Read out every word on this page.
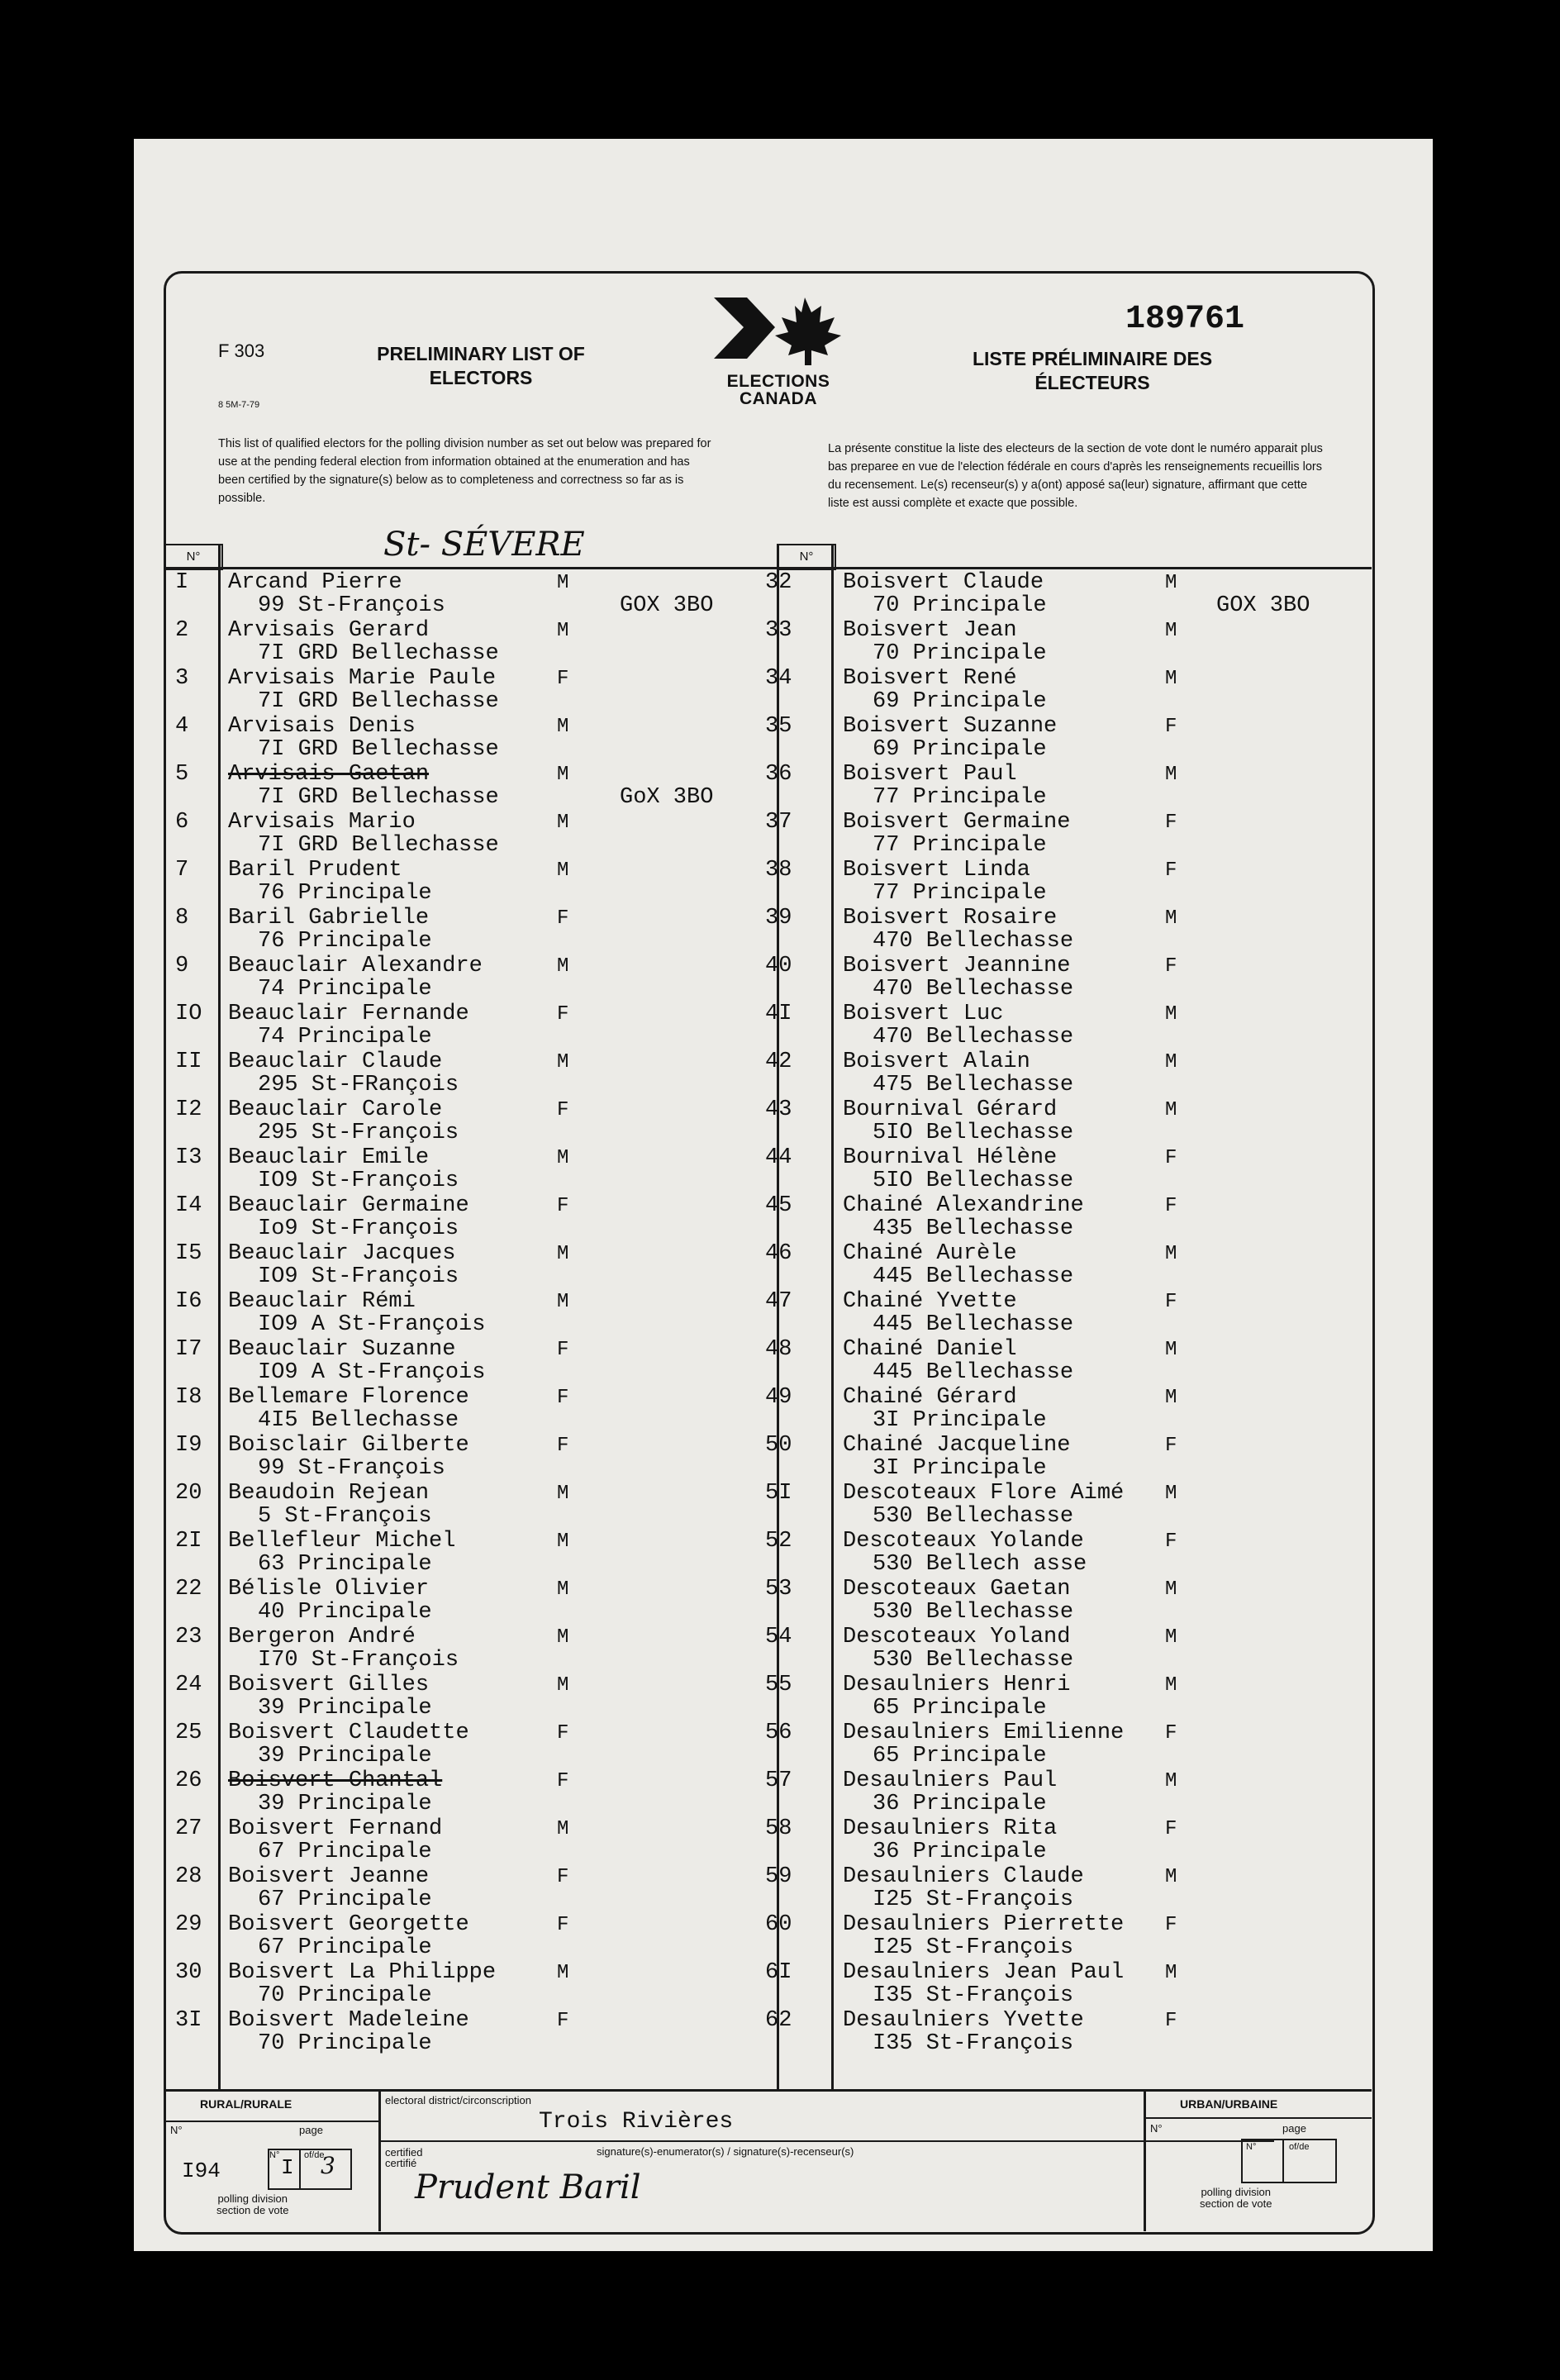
F 303
8 5M-7-79
PRELIMINARY LIST OF
ELECTORS	ELECTIONS
CANADA
189761
LISTE PRÉLIMINAIRE DES
ÉLECTEURS
This list of qualified electors for the polling division number as set out below was prepared for use at the pending federal election from information obtained at the enumeration and has been certified by the signature(s) below as to completeness and correctness so far as is possible.
La présente constitue la liste des electeurs de la section de vote dont le numéro apparait plus bas preparee en vue de l'election fédérale en cours d'après les renseignements recueillis lors du recensement. Le(s) recenseur(s) y a(ont) apposé sa(leur) signature, affirmant que cette liste est aussi complète et exacte que possible.
N°	N°
St- SÉVERE
I Arcand Pierre	M
99 St-François	GOX 3BO
2 Arvisais Gerard	M
7I GRD Bellechasse
3 Arvisais Marie Paule	F
7I GRD Bellechasse
4 Arvisais Denis	M
7I GRD Bellechasse
5 Arvisais Gaetan	M
7I GRD Bellechasse	GoX 3BO
6 Arvisais Mario	M
7I GRD Bellechasse
7 Baril Prudent	M
76 Principale
8 Baril Gabrielle	F
76 Principale
9 Beauclair Alexandre	M
74 Principale
IO Beauclair Fernande	F
74 Principale
II Beauclair Claude	M
295 St-FRançois
I2 Beauclair Carole	F
295 St-François
I3 Beauclair Emile	M
IO9 St-François
I4 Beauclair Germaine	F
Io9 St-François
I5 Beauclair Jacques	M
IO9 St-François
I6 Beauclair Rémi	M
IO9 A St-François
I7 Beauclair Suzanne	F
IO9 A St-François
I8 Bellemare Florence	F
4I5 Bellechasse
I9 Boisclair Gilberte	F
99 St-François
20 Beaudoin Rejean	M
5 St-François
2I Bellefleur Michel	M
63 Principale
22 Bélisle Olivier	M
40 Principale
23 Bergeron André	M
I70 St-François
24 Boisvert Gilles	M
39 Principale
25 Boisvert Claudette	F
39 Principale
26 Boisvert Chantal	F
39 Principale
27 Boisvert Fernand	M
67 Principale
28 Boisvert Jeanne	F
67 Principale
29 Boisvert Georgette	F
67 Principale
30 Boisvert La Philippe	M
70 Principale
3I Boisvert Madeleine	F
70 Principale
32 Boisvert Claude	M
70 Principale	GOX 3BO
33 Boisvert Jean	M
70 Principale
34 Boisvert René	M
69 Principale
35 Boisvert Suzanne	F
69 Principale
36 Boisvert Paul	M
77 Principale
37 Boisvert Germaine	F
77 Principale
38 Boisvert Linda	F
77 Principale
39 Boisvert Rosaire	M
470 Bellechasse
40 Boisvert Jeannine	F
470 Bellechasse
4I Boisvert Luc	M
470 Bellechasse
42 Boisvert Alain	M
475 Bellechasse
43 Bournival Gérard	M
5IO Bellechasse
44 Bournival Hélène	F
5IO Bellechasse
45 Chainé Alexandrine	F
435 Bellechasse
46 Chainé Aurèle	M
445 Bellechasse
47 Chainé Yvette	F
445 Bellechasse
48 Chainé Daniel	M
445 Bellechasse
49 Chainé Gérard	M
3I Principale
50 Chainé Jacqueline	F
3I Principale
5I Descoteaux Flore Aimé M
530 Bellechasse
52 Descoteaux Yolande	F
530 Bellech asse
53 Descoteaux Gaetan	M
530 Bellechasse
54 Descoteaux Yoland	M
530 Bellechasse
55 Desaulniers Henri	M
65 Principale
56 Desaulniers Emilienne F
65 Principale
57 Desaulniers Paul	M
36 Principale
58 Desaulniers Rita	F
36 Principale
59 Desaulniers Claude	M
I25 St-François
60 Desaulniers Pierrette F
I25 St-François
6I Desaulniers Jean Paul M
I35 St-François
62 Desaulniers Yvette	F
I35 St-François
RURAL/RURALE
N°	page
I94
N° I of/de
3
polling division
section de vote
electoral district/circonscription
Trois Rivières
certified
certifié
signature(s)-enumerator(s) / signature(s)-recenseur(s)
Prudent Baril
URBAN/URBAINE
N°	page
N°	of/de
polling division
section de vote
